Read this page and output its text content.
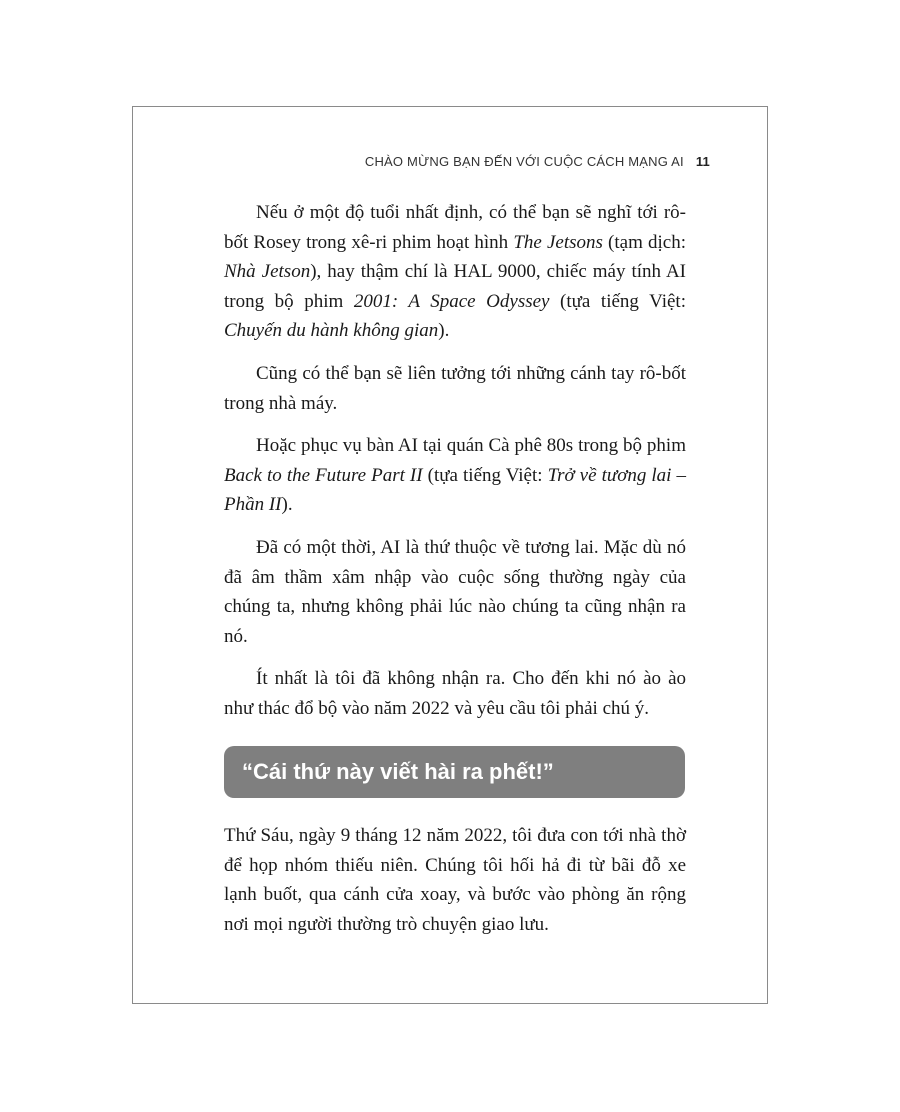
CHÀO MỪNG BẠN ĐẾN VỚI CUỘC CÁCH MẠNG AI 11

Nếu ở một độ tuổi nhất định, có thể bạn sẽ nghĩ tới rô-bốt Rosey trong xê-ri phim hoạt hình The Jetsons (tạm dịch: Nhà Jetson), hay thậm chí là HAL 9000, chiếc máy tính AI trong bộ phim 2001: A Space Odyssey (tựa tiếng Việt: Chuyến du hành không gian).

Cũng có thể bạn sẽ liên tưởng tới những cánh tay rô-bốt trong nhà máy.

Hoặc phục vụ bàn AI tại quán Cà phê 80s trong bộ phim Back to the Future Part II (tựa tiếng Việt: Trở về tương lai – Phần II).

Đã có một thời, AI là thứ thuộc về tương lai. Mặc dù nó đã âm thầm xâm nhập vào cuộc sống thường ngày của chúng ta, nhưng không phải lúc nào chúng ta cũng nhận ra nó.

Ít nhất là tôi đã không nhận ra. Cho đến khi nó ào ào như thác đổ bộ vào năm 2022 và yêu cầu tôi phải chú ý.

“Cái thứ này viết hài ra phết!”

Thứ Sáu, ngày 9 tháng 12 năm 2022, tôi đưa con tới nhà thờ để họp nhóm thiếu niên. Chúng tôi hối hả đi từ bãi đỗ xe lạnh buốt, qua cánh cửa xoay, và bước vào phòng ăn rộng nơi mọi người thường trò chuyện giao lưu.
